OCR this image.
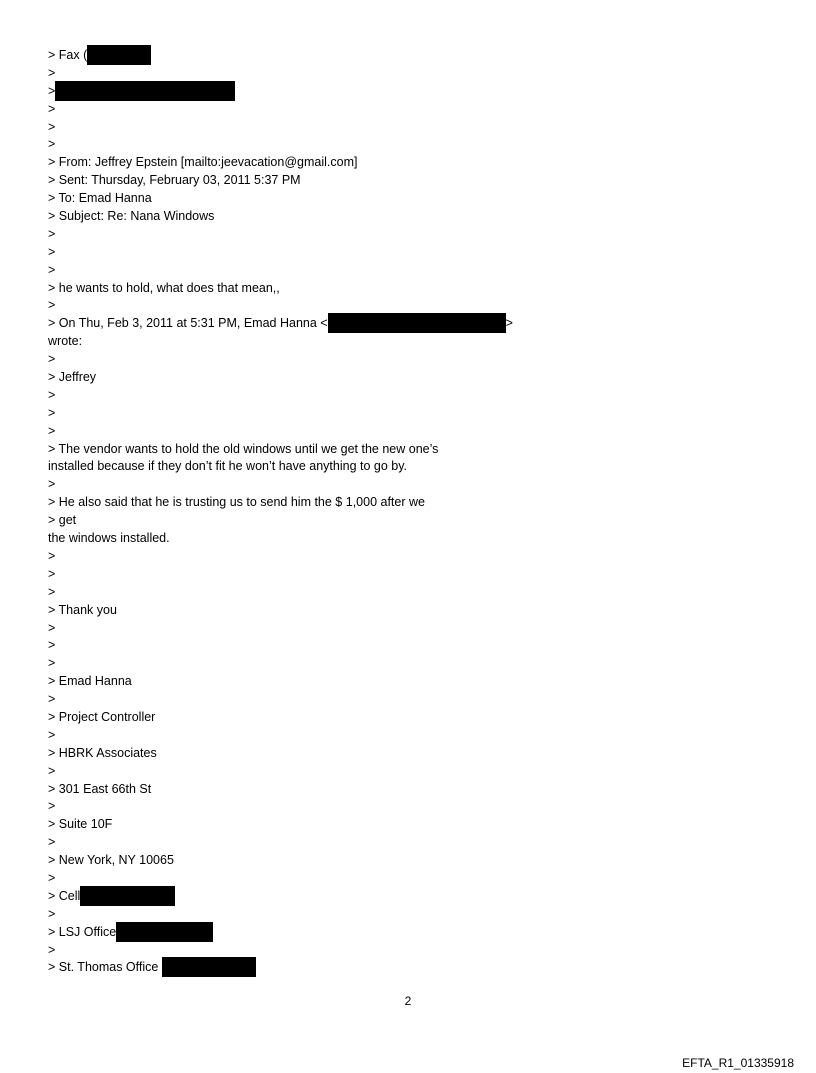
> Fax (
>
>
>
>
>
> From: Jeffrey Epstein [mailto:jeevacation@gmail.com]
> Sent: Thursday, February 03, 2011 5:37 PM
> To: Emad Hanna
> Subject: Re: Nana Windows
>
>
>
> he wants to hold, what does that mean,,
>
> On Thu, Feb 3, 2011 at 5:31 PM, Emad Hanna <	>
wrote:
>
> Jeffrey
>
>
>
> The vendor wants to hold the old windows until we get the new one’s
installed because if they don’t fit he won’t have anything to go by.
>
> He also said that he is trusting us to send him the $ 1,000 after we
> get
the windows installed.
>
>
>
> Thank you
>
>
>
> Emad Hanna
>
> Project Controller
>
> HBRK Associates
>
> 301 East 66th St
>
> Suite 10F
>
> New York, NY 10065
>
> Cell
>
> LSJ Office
>
> St. Thomas Office
2
EFTA_R1_01335918
